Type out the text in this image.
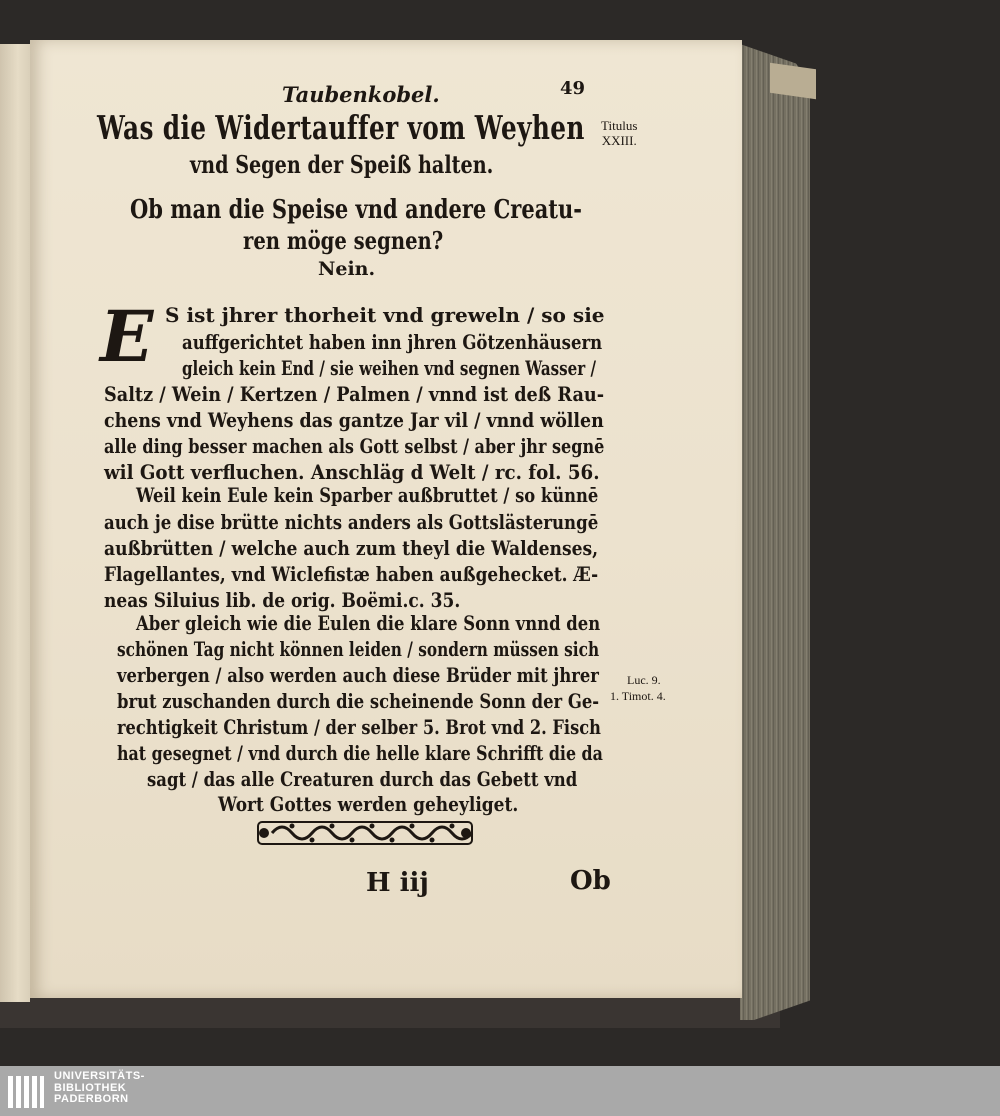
Taubenkobel.	49
Titulus
XXIII.
Was die Widertauffer vom Weyhen
vnd Segen der Speiß halten.
Ob man die Speise vnd andere Creatu-
ren möge segnen?
Nein.
E S ist jhrer thorheit vnd greweln / so sie
auffgerichtet haben inn jhren Götzenhäusern
gleich kein End / sie weihen vnd segnen Wasser /
Saltz / Wein / Kertzen / Palmen / vnnd ist deß Rau-
chens vnd Weyhens das gantze Jar vil / vnnd wöllen
alle ding besser machen als Gott selbst / aber jhr segnē
wil Gott verfluchen. Anschläg d Welt / rc. fol. 56.
Weil kein Eule kein Sparber außbruttet / so künnē
auch je dise brütte nichts anders als Gottslästerungē
außbrütten / welche auch zum theyl die Waldenses,
Flagellantes, vnd Wiclefistæ haben außgehecket. Æ-
neas Siluius lib. de orig. Boëmi.c. 35.
Aber gleich wie die Eulen die klare Sonn vnnd den
schönen Tag nicht können leiden / sondern müssen sich
verbergen / also werden auch diese Brüder mit jhrer
brut zuschanden durch die scheinende Sonn der Ge-
rechtigkeit Christum / der selber 5. Brot vnd 2. Fisch
hat gesegnet / vnd durch die helle klare Schrifft die da
sagt / das alle Creaturen durch das Gebett vnd
Wort Gottes werden geheyliget.
Luc. 9.
1. Timot. 4.
H iij	Ob
UNIVERSITÄTS-
BIBLIOTHEK
PADERBORN
